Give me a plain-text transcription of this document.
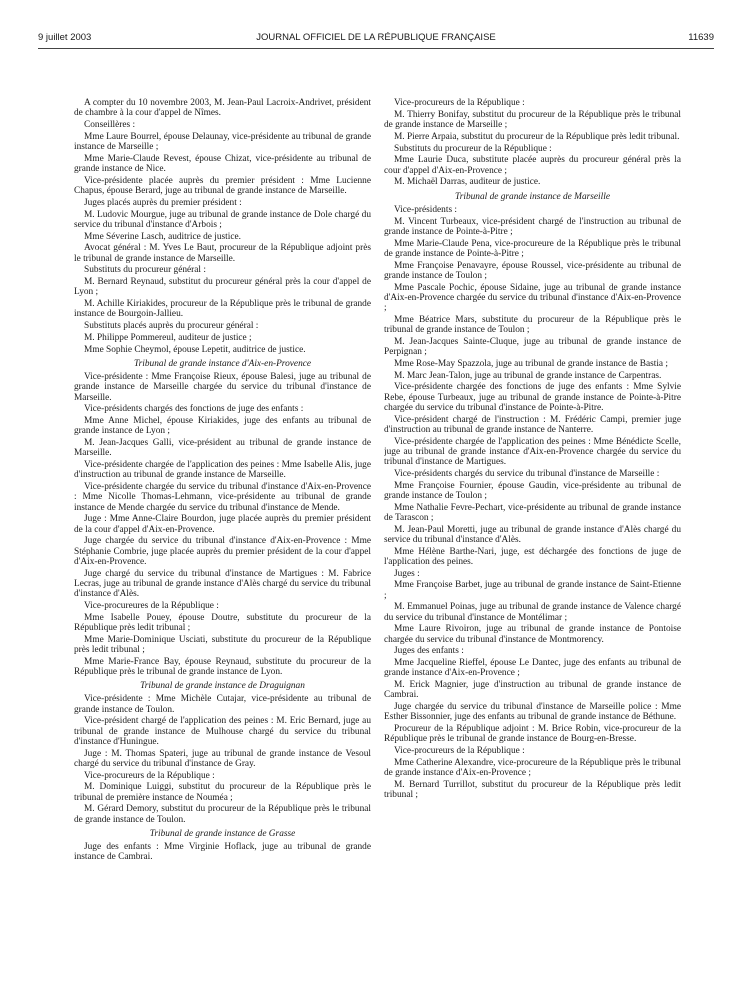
9 juillet 2003	JOURNAL OFFICIEL DE LA RÉPUBLIQUE FRANÇAISE	11639

A compter du 10 novembre 2003, M. Jean-Paul Lacroix-Andrivet, président de chambre à la cour d'appel de Nîmes.

Conseillères :

Mme Laure Bourrel, épouse Delaunay, vice-présidente au tribunal de grande instance de Marseille ;

Mme Marie-Claude Revest, épouse Chizat, vice-présidente au tribunal de grande instance de Nice.

Vice-présidente placée auprès du premier président : Mme Lucienne Chapus, épouse Berard, juge au tribunal de grande instance de Marseille.

Juges placés auprès du premier président :

M. Ludovic Mourgue, juge au tribunal de grande instance de Dole chargé du service du tribunal d'instance d'Arbois ;

Mme Séverine Lasch, auditrice de justice.

Avocat général : M. Yves Le Baut, procureur de la République adjoint près le tribunal de grande instance de Marseille.

Substituts du procureur général :

M. Bernard Reynaud, substitut du procureur général près la cour d'appel de Lyon ;

M. Achille Kiriakides, procureur de la République près le tribunal de grande instance de Bourgoin-Jallieu.

Substituts placés auprès du procureur général :

M. Philippe Pommereul, auditeur de justice ;

Mme Sophie Cheymol, épouse Lepetit, auditrice de justice.

Tribunal de grande instance d'Aix-en-Provence

Vice-présidente : Mme Françoise Rieux, épouse Balesi, juge au tribunal de grande instance de Marseille chargée du service du tribunal d'instance de Marseille.

Vice-présidents chargés des fonctions de juge des enfants :

Mme Anne Michel, épouse Kiriakides, juge des enfants au tribunal de grande instance de Lyon ;

M. Jean-Jacques Galli, vice-président au tribunal de grande instance de Marseille.

Vice-présidente chargée de l'application des peines : Mme Isabelle Alis, juge d'instruction au tribunal de grande instance de Marseille.

Vice-présidente chargée du service du tribunal d'instance d'Aix-en-Provence : Mme Nicolle Thomas-Lehmann, vice-présidente au tribunal de grande instance de Mende chargée du service du tribunal d'instance de Mende.

Juge : Mme Anne-Claire Bourdon, juge placée auprès du premier président de la cour d'appel d'Aix-en-Provence.

Juge chargée du service du tribunal d'instance d'Aix-en-Provence : Mme Stéphanie Combrie, juge placée auprès du premier président de la cour d'appel d'Aix-en-Provence.

Juge chargé du service du tribunal d'instance de Martigues : M. Fabrice Lecras, juge au tribunal de grande instance d'Alès chargé du service du tribunal d'instance d'Alès.

Vice-procureures de la République :

Mme Isabelle Pouey, épouse Doutre, substitute du procureur de la République près ledit tribunal ;

Mme Marie-Dominique Usciati, substitute du procureur de la République près ledit tribunal ;

Mme Marie-France Bay, épouse Reynaud, substitute du procureur de la République près le tribunal de grande instance de Lyon.

Tribunal de grande instance de Draguignan

Vice-présidente : Mme Michèle Cutajar, vice-présidente au tribunal de grande instance de Toulon.

Vice-président chargé de l'application des peines : M. Eric Bernard, juge au tribunal de grande instance de Mulhouse chargé du service du tribunal d'instance d'Huningue.

Juge : M. Thomas Spateri, juge au tribunal de grande instance de Vesoul chargé du service du tribunal d'instance de Gray.

Vice-procureurs de la République :

M. Dominique Luiggi, substitut du procureur de la République près le tribunal de première instance de Nouméa ;

M. Gérard Demory, substitut du procureur de la République près le tribunal de grande instance de Toulon.

Tribunal de grande instance de Grasse

Juge des enfants : Mme Virginie Hoflack, juge au tribunal de grande instance de Cambrai.

Vice-procureurs de la République :

M. Thierry Bonifay, substitut du procureur de la République près le tribunal de grande instance de Marseille ;

M. Pierre Arpaia, substitut du procureur de la République près ledit tribunal.

Substituts du procureur de la République :

Mme Laurie Duca, substitute placée auprès du procureur général près la cour d'appel d'Aix-en-Provence ;

M. Michaël Darras, auditeur de justice.

Tribunal de grande instance de Marseille

Vice-présidents :

M. Vincent Turbeaux, vice-président chargé de l'instruction au tribunal de grande instance de Pointe-à-Pitre ;

Mme Marie-Claude Pena, vice-procureure de la République près le tribunal de grande instance de Pointe-à-Pitre ;

Mme Françoise Penavayre, épouse Roussel, vice-présidente au tribunal de grande instance de Toulon ;

Mme Pascale Pochic, épouse Sidaine, juge au tribunal de grande instance d'Aix-en-Provence chargée du service du tribunal d'instance d'Aix-en-Provence ;

Mme Béatrice Mars, substitute du procureur de la République près le tribunal de grande instance de Toulon ;

M. Jean-Jacques Sainte-Cluque, juge au tribunal de grande instance de Perpignan ;

Mme Rose-May Spazzola, juge au tribunal de grande instance de Bastia ;

M. Marc Jean-Talon, juge au tribunal de grande instance de Carpentras.

Vice-présidente chargée des fonctions de juge des enfants : Mme Sylvie Rebe, épouse Turbeaux, juge au tribunal de grande instance de Pointe-à-Pitre chargée du service du tribunal d'instance de Pointe-à-Pitre.

Vice-président chargé de l'instruction : M. Frédéric Campi, premier juge d'instruction au tribunal de grande instance de Nanterre.

Vice-présidente chargée de l'application des peines : Mme Bénédicte Scelle, juge au tribunal de grande instance d'Aix-en-Provence chargée du service du tribunal d'instance de Martigues.

Vice-présidents chargés du service du tribunal d'instance de Marseille :

Mme Françoise Fournier, épouse Gaudin, vice-présidente au tribunal de grande instance de Toulon ;

Mme Nathalie Fevre-Pechart, vice-présidente au tribunal de grande instance de Tarascon ;

M. Jean-Paul Moretti, juge au tribunal de grande instance d'Alès chargé du service du tribunal d'instance d'Alès.

Mme Hélène Barthe-Nari, juge, est déchargée des fonctions de juge de l'application des peines.

Juges :

Mme Françoise Barbet, juge au tribunal de grande instance de Saint-Etienne ;

M. Emmanuel Poinas, juge au tribunal de grande instance de Valence chargé du service du tribunal d'instance de Montélimar ;

Mme Laure Rivoiron, juge au tribunal de grande instance de Pontoise chargée du service du tribunal d'instance de Montmorency.

Juges des enfants :

Mme Jacqueline Rieffel, épouse Le Dantec, juge des enfants au tribunal de grande instance d'Aix-en-Provence ;

M. Erick Magnier, juge d'instruction au tribunal de grande instance de Cambrai.

Juge chargée du service du tribunal d'instance de Marseille police : Mme Esther Bissonnier, juge des enfants au tribunal de grande instance de Béthune.

Procureur de la République adjoint : M. Brice Robin, vice-procureur de la République près le tribunal de grande instance de Bourg-en-Bresse.

Vice-procureurs de la République :

Mme Catherine Alexandre, vice-procureure de la République près le tribunal de grande instance d'Aix-en-Provence ;

M. Bernard Turrillot, substitut du procureur de la République près ledit tribunal ;
